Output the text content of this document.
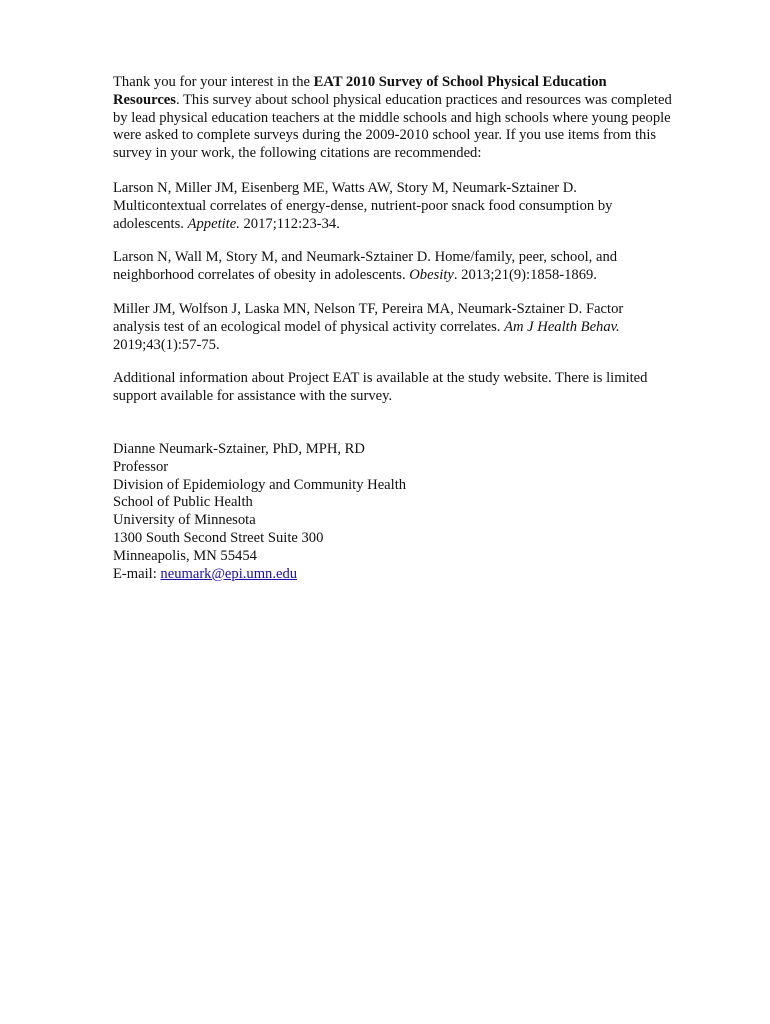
Thank you for your interest in the EAT 2010 Survey of School Physical Education Resources. This survey about school physical education practices and resources was completed by lead physical education teachers at the middle schools and high schools where young people were asked to complete surveys during the 2009-2010 school year. If you use items from this survey in your work, the following citations are recommended:

Larson N, Miller JM, Eisenberg ME, Watts AW, Story M, Neumark-Sztainer D. Multicontextual correlates of energy-dense, nutrient-poor snack food consumption by adolescents. Appetite. 2017;112:23-34.

Larson N, Wall M, Story M, and Neumark-Sztainer D. Home/family, peer, school, and neighborhood correlates of obesity in adolescents. Obesity. 2013;21(9):1858-1869.

Miller JM, Wolfson J, Laska MN, Nelson TF, Pereira MA, Neumark-Sztainer D. Factor analysis test of an ecological model of physical activity correlates. Am J Health Behav. 2019;43(1):57-75.

Additional information about Project EAT is available at the study website. There is limited support available for assistance with the survey.

Dianne Neumark-Sztainer, PhD, MPH, RD
Professor
Division of Epidemiology and Community Health
School of Public Health
University of Minnesota
1300 South Second Street Suite 300
Minneapolis, MN 55454
E-mail: neumark@epi.umn.edu
